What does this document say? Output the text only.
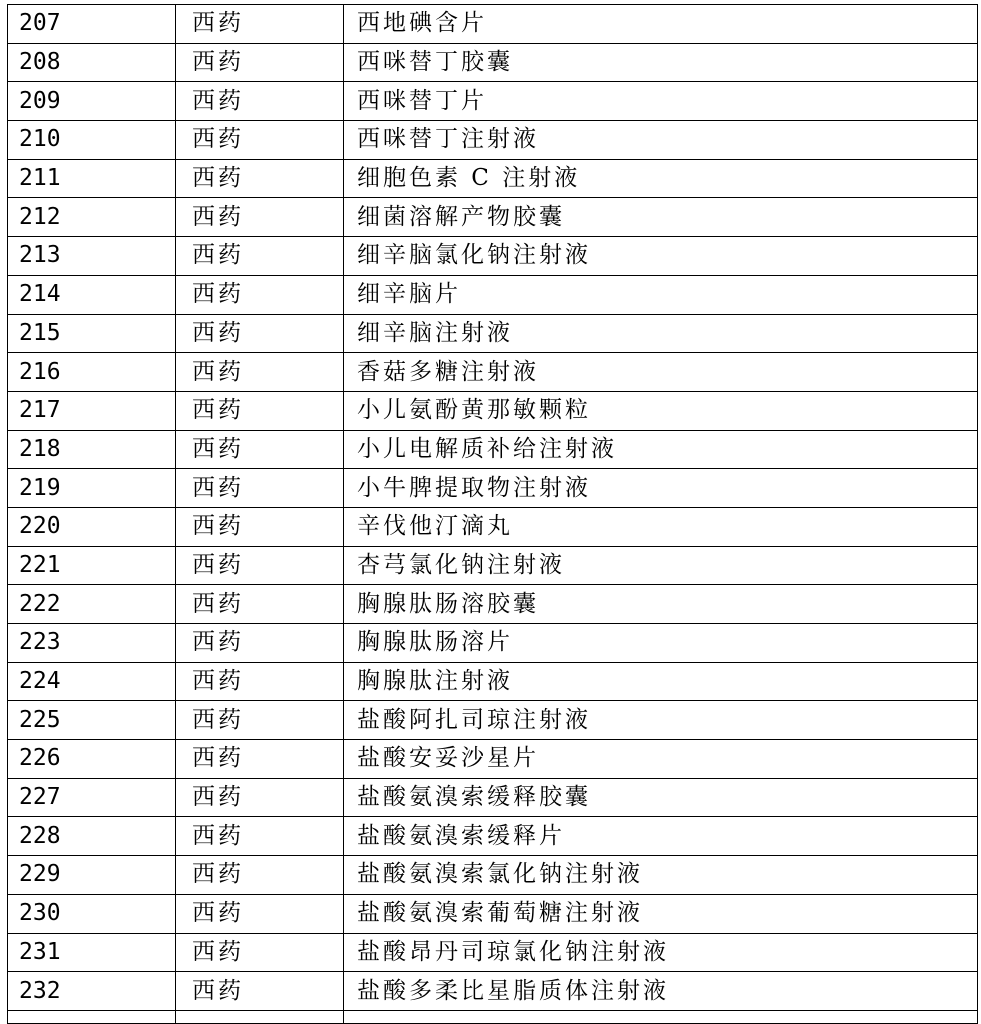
207	西药	西地碘含片
208	西药	西咪替丁胶囊
209	西药	西咪替丁片
210	西药	西咪替丁注射液
211	西药	细胞色素 C 注射液
212	西药	细菌溶解产物胶囊
213	西药	细辛脑氯化钠注射液
214	西药	细辛脑片
215	西药	细辛脑注射液
216	西药	香菇多糖注射液
217	西药	小儿氨酚黄那敏颗粒
218	西药	小儿电解质补给注射液
219	西药	小牛脾提取物注射液
220	西药	辛伐他汀滴丸
221	西药	杏芎氯化钠注射液
222	西药	胸腺肽肠溶胶囊
223	西药	胸腺肽肠溶片
224	西药	胸腺肽注射液
225	西药	盐酸阿扎司琼注射液
226	西药	盐酸安妥沙星片
227	西药	盐酸氨溴索缓释胶囊
228	西药	盐酸氨溴索缓释片
229	西药	盐酸氨溴索氯化钠注射液
230	西药	盐酸氨溴索葡萄糖注射液
231	西药	盐酸昂丹司琼氯化钠注射液
232	西药	盐酸多柔比星脂质体注射液
